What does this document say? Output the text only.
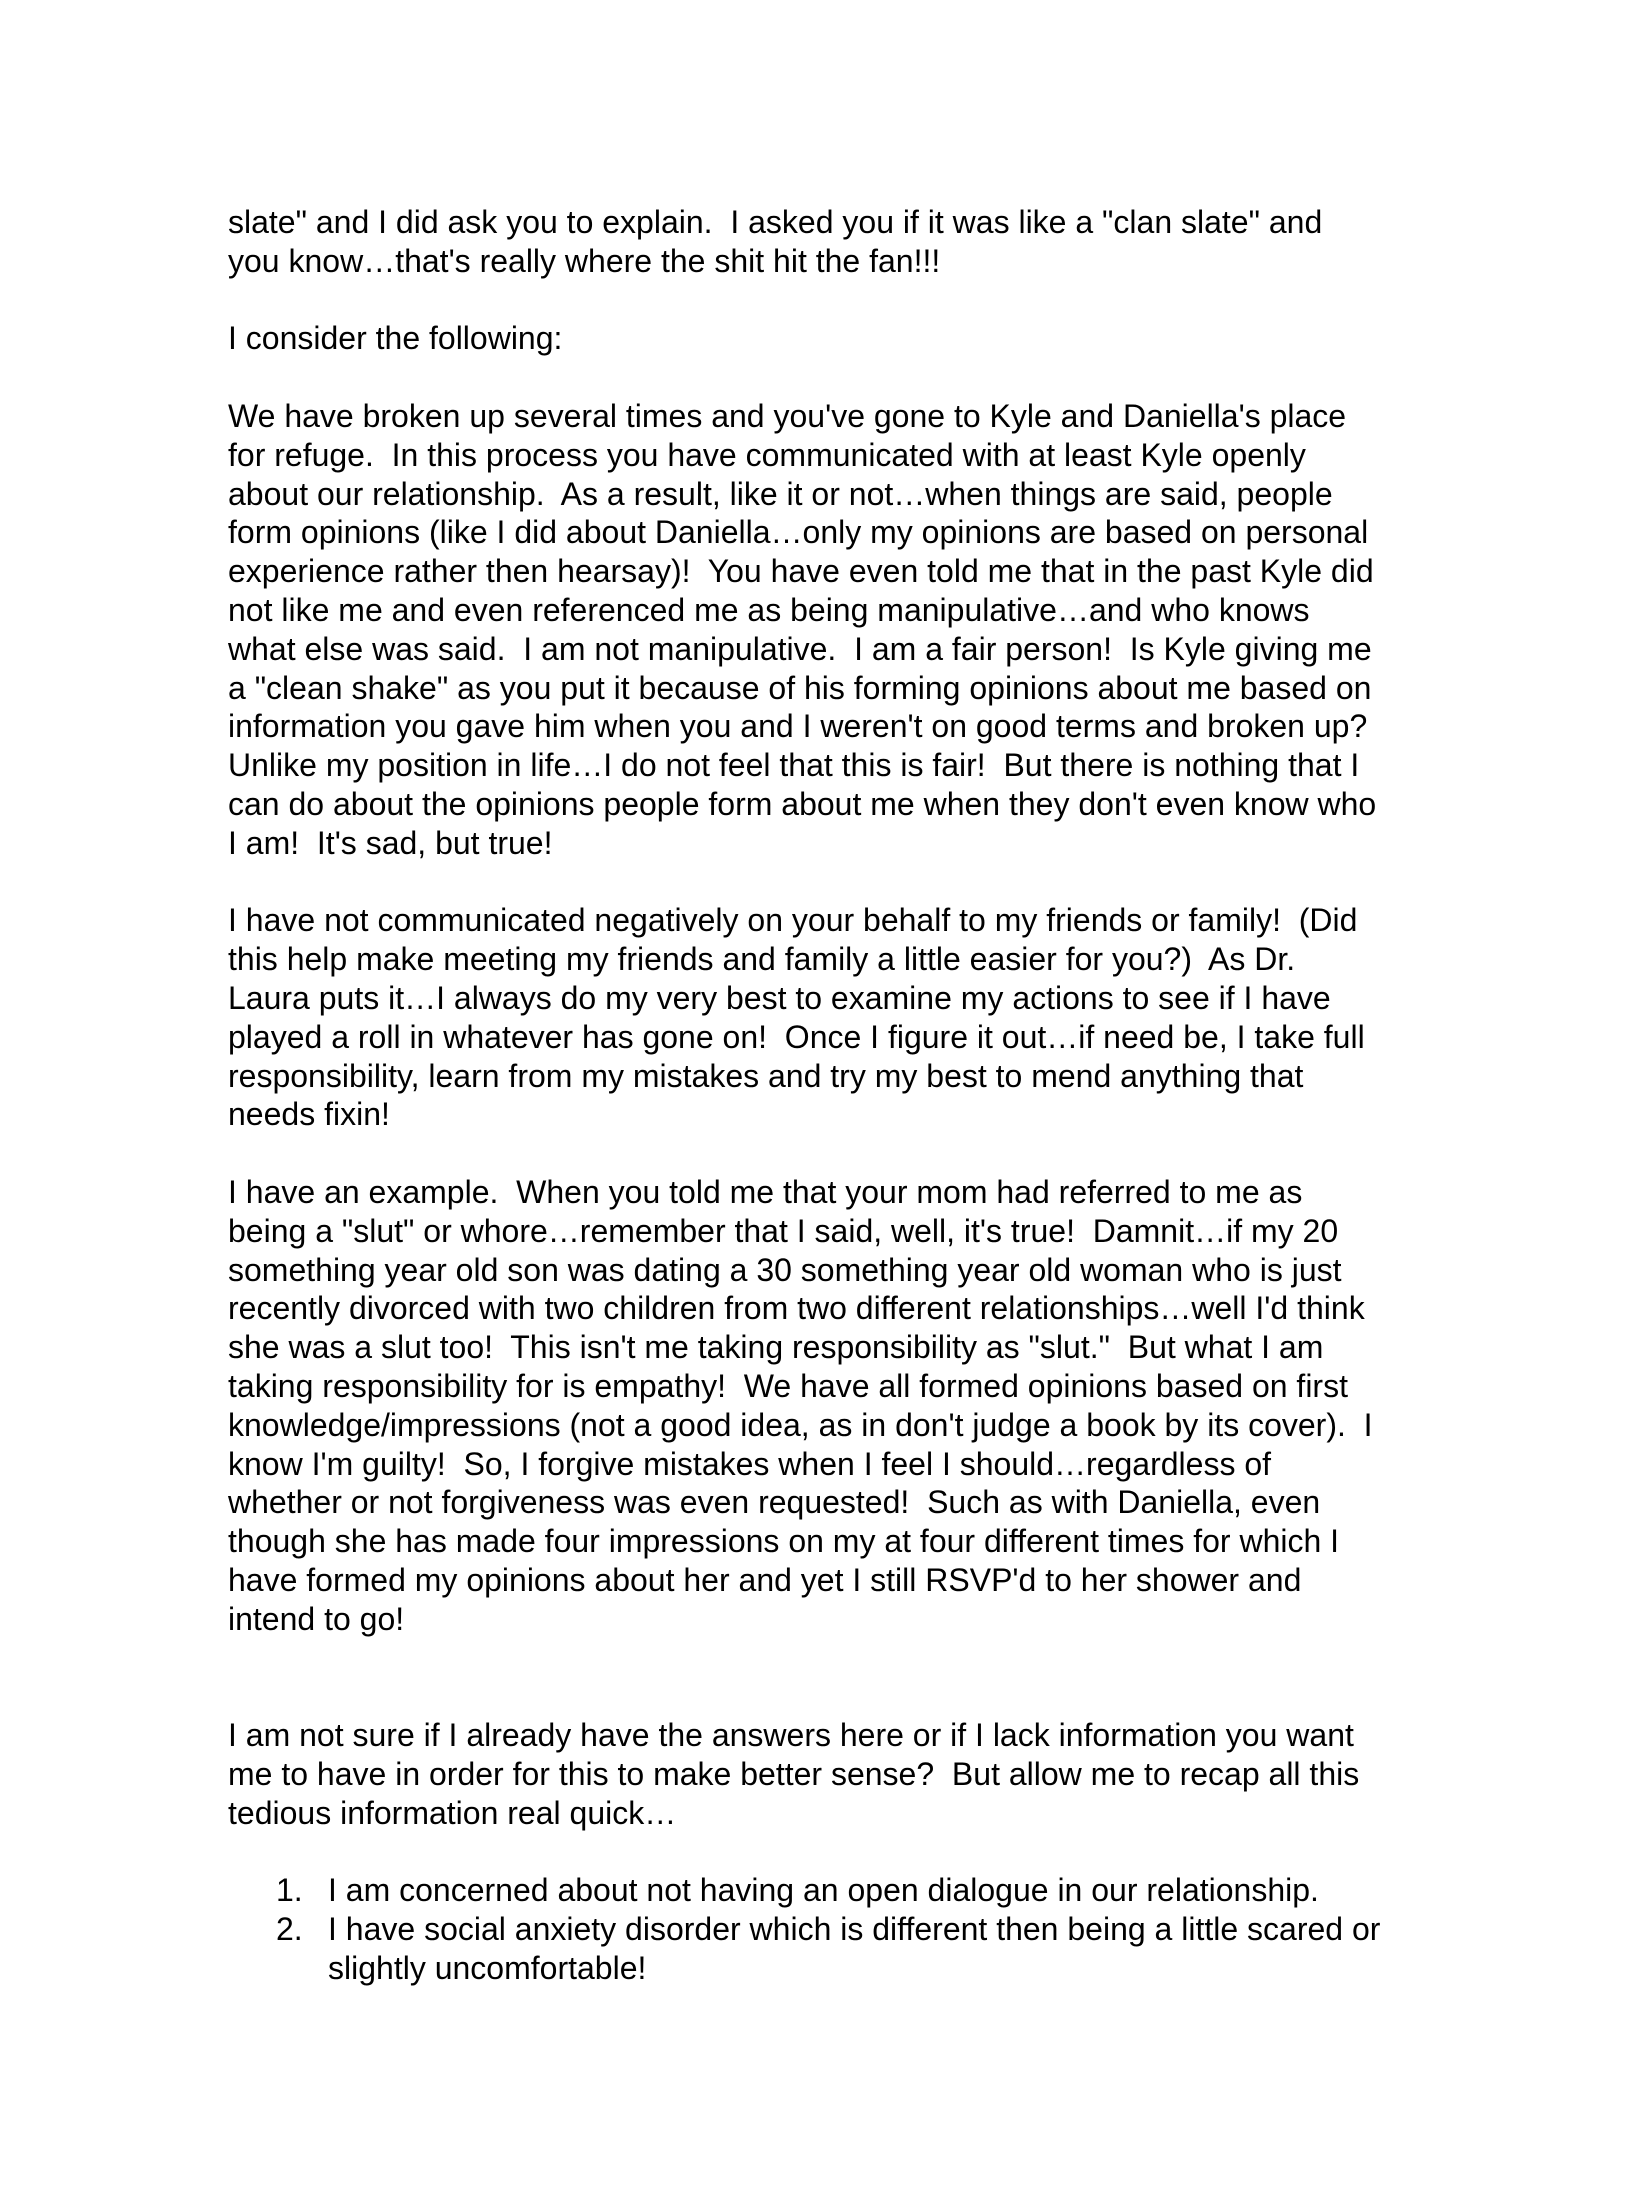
slate" and I did ask you to explain.  I asked you if it was like a "clan slate" and
you know…that's really where the shit hit the fan!!!

I consider the following:

We have broken up several times and you've gone to Kyle and Daniella's place
for refuge.  In this process you have communicated with at least Kyle openly
about our relationship.  As a result, like it or not…when things are said, people
form opinions (like I did about Daniella…only my opinions are based on personal
experience rather then hearsay)!  You have even told me that in the past Kyle did
not like me and even referenced me as being manipulative…and who knows
what else was said.  I am not manipulative.  I am a fair person!  Is Kyle giving me
a "clean shake" as you put it because of his forming opinions about me based on
information you gave him when you and I weren't on good terms and broken up?
Unlike my position in life…I do not feel that this is fair!  But there is nothing that I
can do about the opinions people form about me when they don't even know who
I am!  It's sad, but true!

I have not communicated negatively on your behalf to my friends or family!  (Did
this help make meeting my friends and family a little easier for you?)  As Dr.
Laura puts it…I always do my very best to examine my actions to see if I have
played a roll in whatever has gone on!  Once I figure it out…if need be, I take full
responsibility, learn from my mistakes and try my best to mend anything that
needs fixin!

I have an example.  When you told me that your mom had referred to me as
being a "slut" or whore…remember that I said, well, it's true!  Damnit…if my 20
something year old son was dating a 30 something year old woman who is just
recently divorced with two children from two different relationships…well I'd think
she was a slut too!  This isn't me taking responsibility as "slut."  But what I am
taking responsibility for is empathy!  We have all formed opinions based on first
knowledge/impressions (not a good idea, as in don't judge a book by its cover).  I
know I'm guilty!  So, I forgive mistakes when I feel I should…regardless of
whether or not forgiveness was even requested!  Such as with Daniella, even
though she has made four impressions on my at four different times for which I
have formed my opinions about her and yet I still RSVP'd to her shower and
intend to go!

I am not sure if I already have the answers here or if I lack information you want
me to have in order for this to make better sense?  But allow me to recap all this
tedious information real quick…

1. I am concerned about not having an open dialogue in our relationship.
2. I have social anxiety disorder which is different then being a little scared or
slightly uncomfortable!
